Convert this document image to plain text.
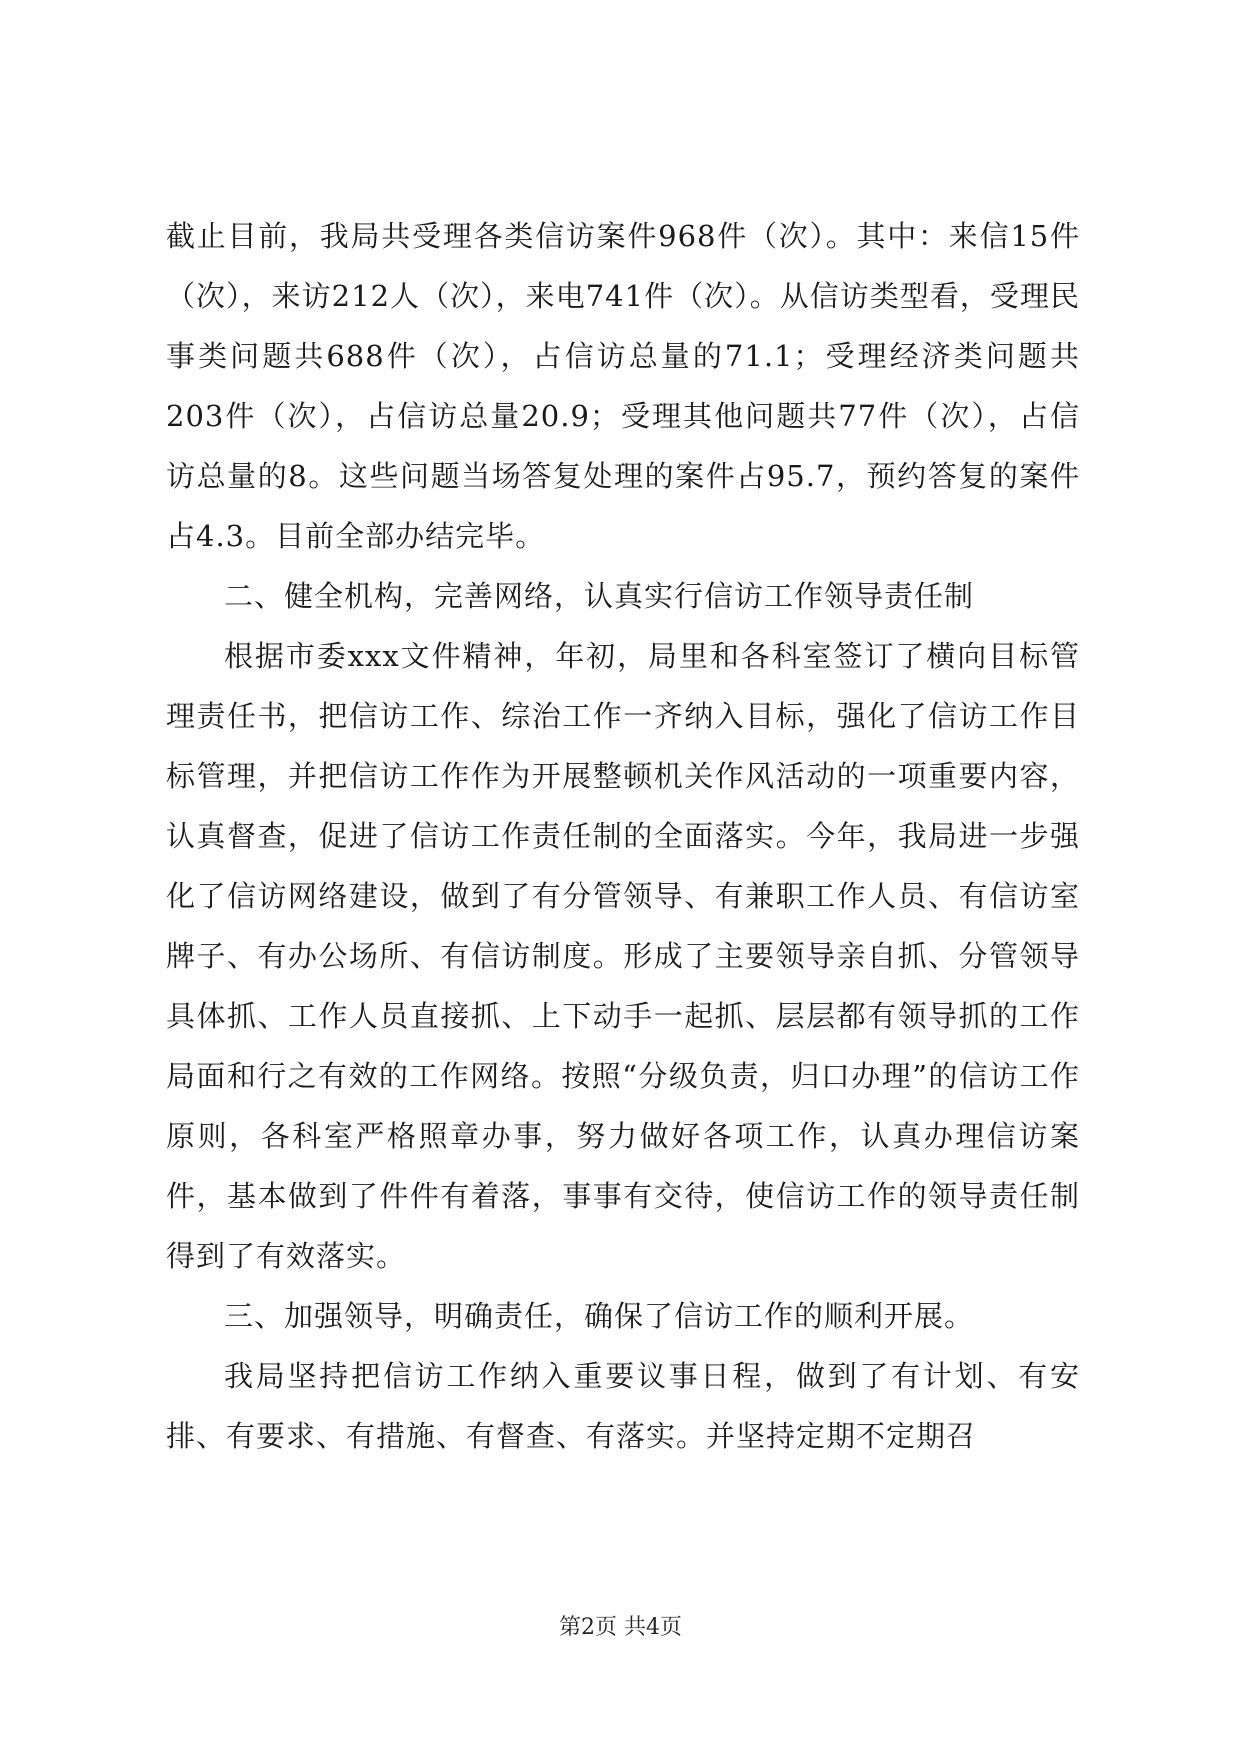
截止目前，我局共受理各类信访案件968件（次）。其中：来信15件（次），来访212人（次），来电741件（次）。从信访类型看，受理民事类问题共688件（次），占信访总量的71.1；受理经济类问题共203件（次），占信访总量20.9；受理其他问题共77件（次），占信访总量的8。这些问题当场答复处理的案件占95.7，预约答复的案件占4.3。目前全部办结完毕。

二、健全机构，完善网络，认真实行信访工作领导责任制

根据市委xxx文件精神，年初，局里和各科室签订了横向目标管理责任书，把信访工作、综治工作一齐纳入目标，强化了信访工作目标管理，并把信访工作作为开展整顿机关作风活动的一项重要内容，认真督查，促进了信访工作责任制的全面落实。今年，我局进一步强化了信访网络建设，做到了有分管领导、有兼职工作人员、有信访室牌子、有办公场所、有信访制度。形成了主要领导亲自抓、分管领导具体抓、工作人员直接抓、上下动手一起抓、层层都有领导抓的工作局面和行之有效的工作网络。按照“分级负责，归口办理”的信访工作原则，各科室严格照章办事，努力做好各项工作，认真办理信访案件，基本做到了件件有着落，事事有交待，使信访工作的领导责任制得到了有效落实。

三、加强领导，明确责任，确保了信访工作的顺利开展。

我局坚持把信访工作纳入重要议事日程，做到了有计划、有安排、有要求、有措施、有督查、有落实。并坚持定期不定期召

第2页 共4页
